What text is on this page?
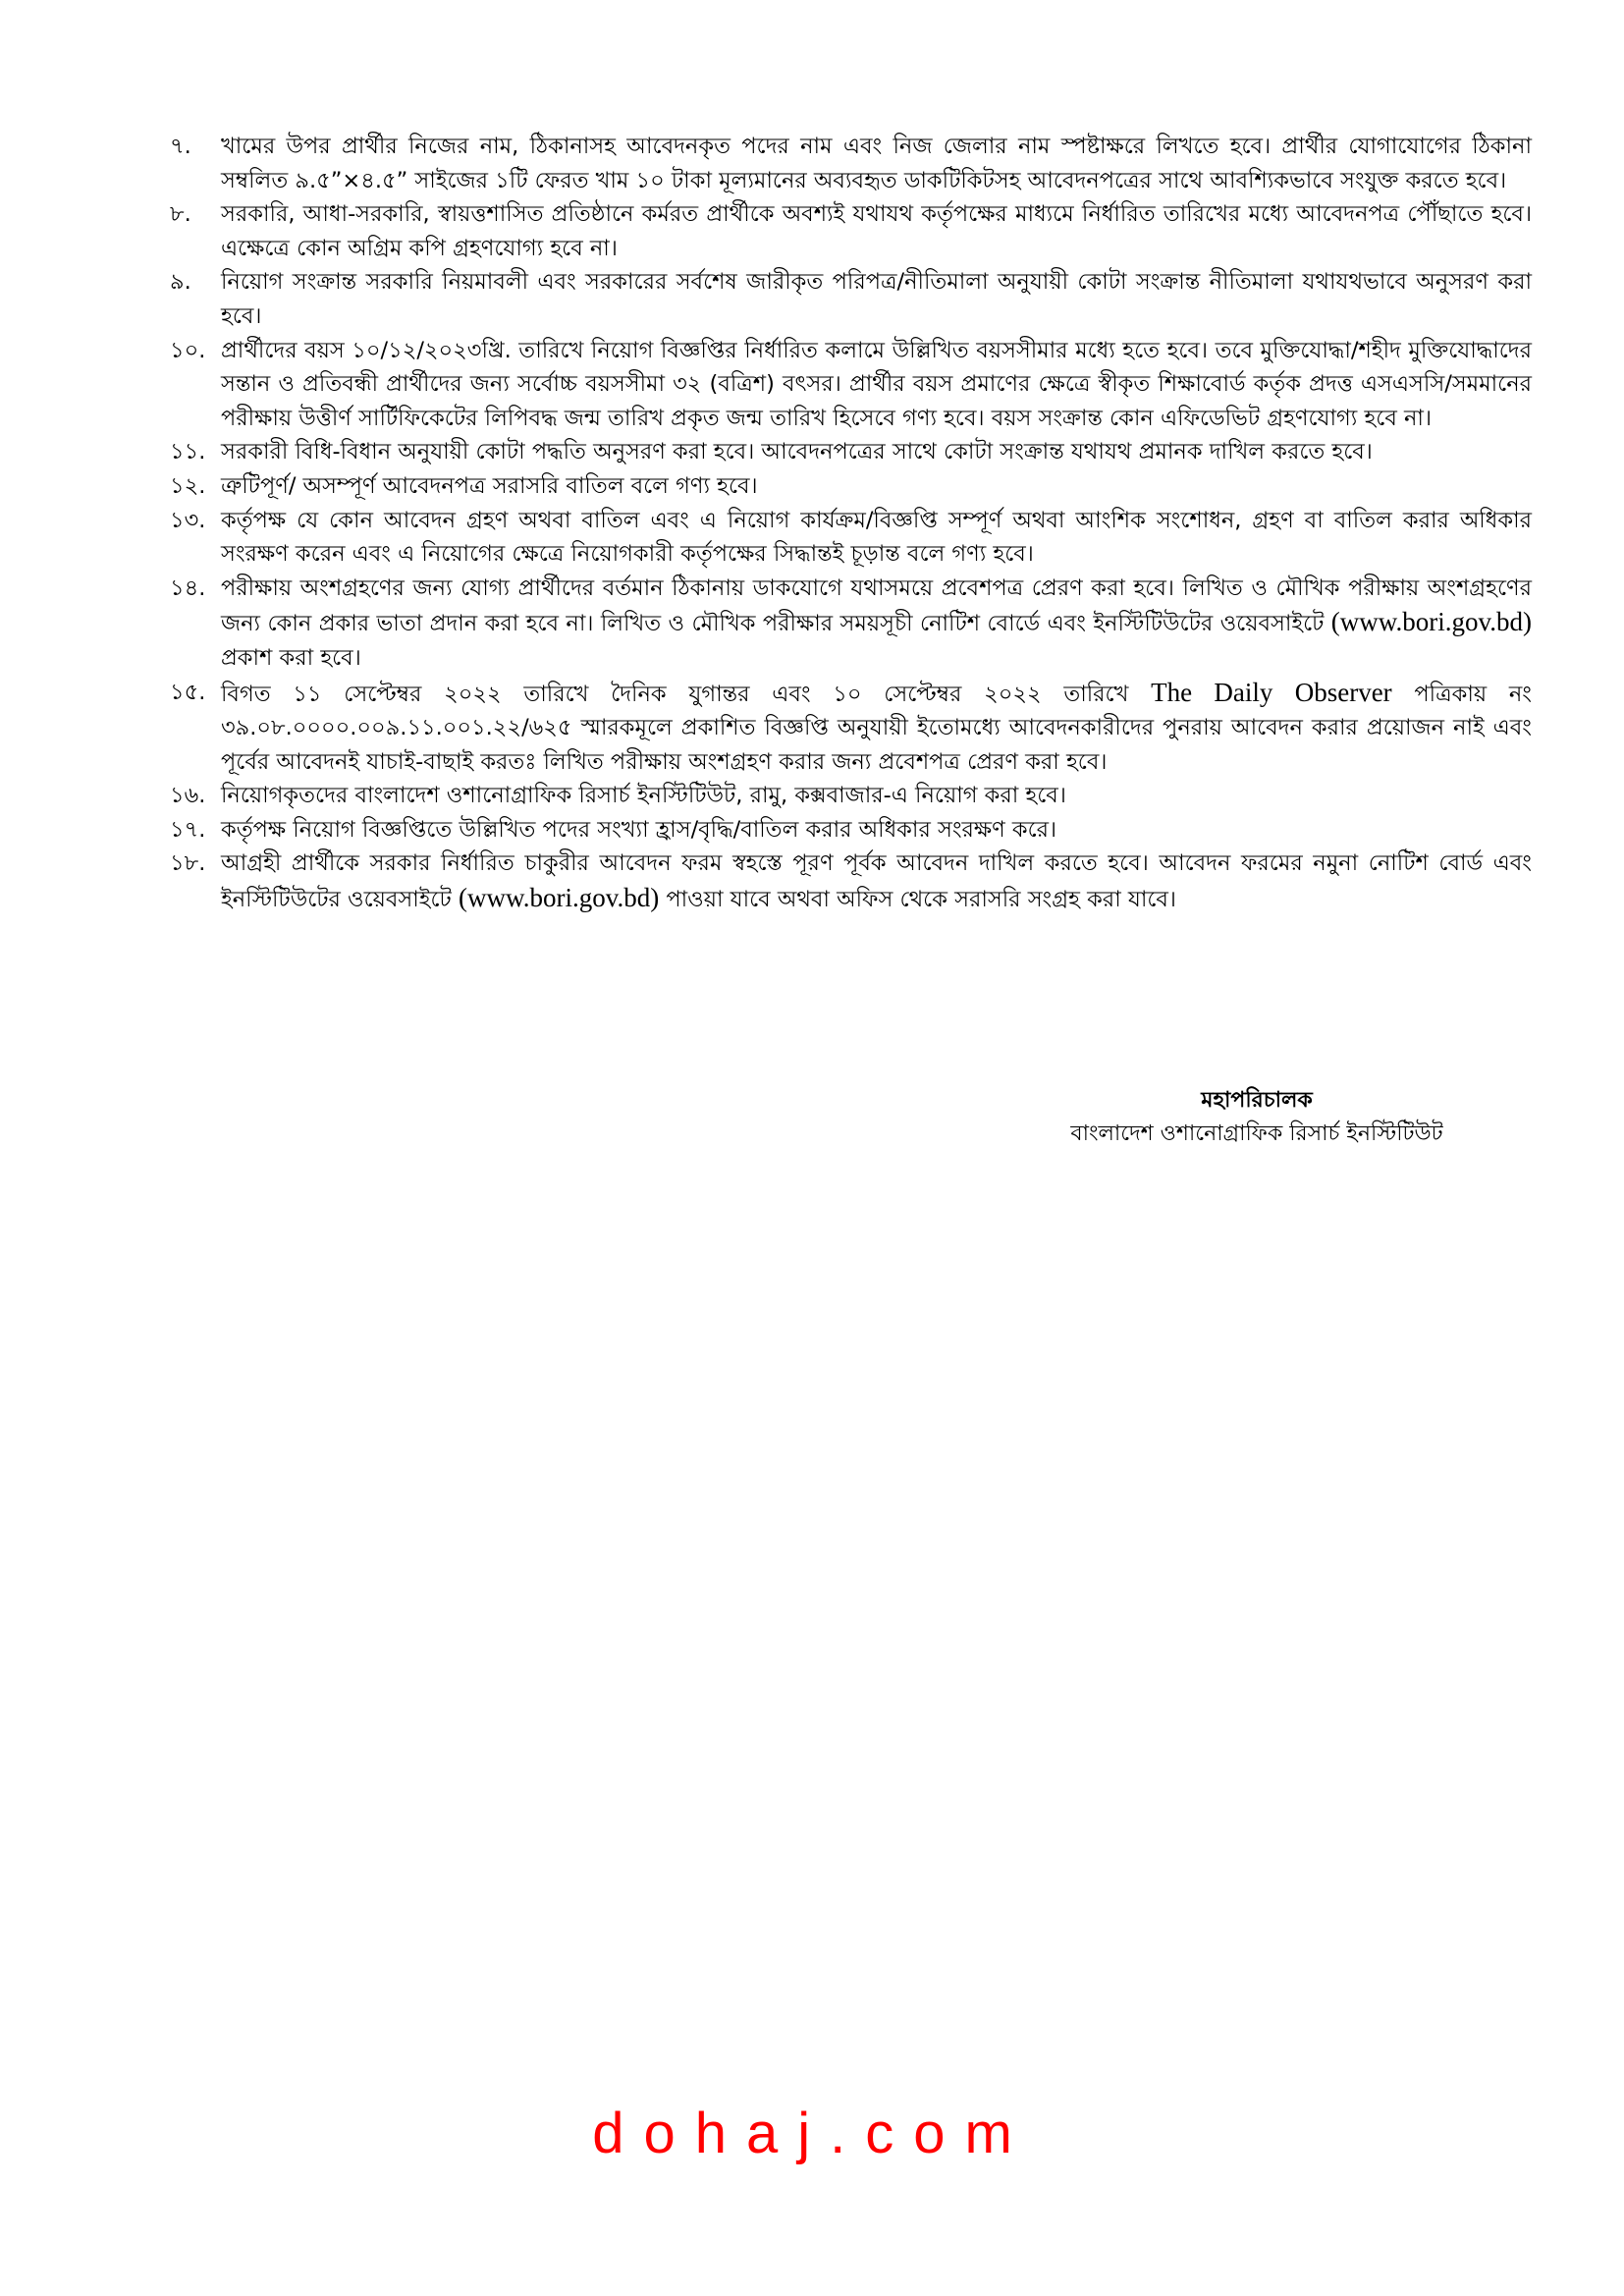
৭.	খামের উপর প্রার্থীর নিজের নাম, ঠিকানাসহ আবেদনকৃত পদের নাম এবং নিজ জেলার নাম স্পষ্টাক্ষরে লিখতে হবে। প্রার্থীর যোগাযোগের ঠিকানা সম্বলিত ৯.৫”×৪.৫” সাইজের ১টি ফেরত খাম ১০ টাকা মূল্যমানের অব্যবহৃত ডাকটিকিটসহ আবেদনপত্রের সাথে আবশ্যিকভাবে সংযুক্ত করতে হবে।
৮.	সরকারি, আধা-সরকারি, স্বায়ত্তশাসিত প্রতিষ্ঠানে কর্মরত প্রার্থীকে অবশ্যই যথাযথ কর্তৃপক্ষের মাধ্যমে নির্ধারিত তারিখের মধ্যে আবেদনপত্র পৌঁছাতে হবে। এক্ষেত্রে কোন অগ্রিম কপি গ্রহণযোগ্য হবে না।
৯.	নিয়োগ সংক্রান্ত সরকারি নিয়মাবলী এবং সরকারের সর্বশেষ জারীকৃত পরিপত্র/নীতিমালা অনুযায়ী কোটা সংক্রান্ত নীতিমালা যথাযথভাবে অনুসরণ করা হবে।
১০. প্রার্থীদের বয়স ১০/১২/২০২৩খ্রি. তারিখে নিয়োগ বিজ্ঞপ্তির নির্ধারিত কলামে উল্লিখিত বয়সসীমার মধ্যে হতে হবে। তবে মুক্তিযোদ্ধা/শহীদ মুক্তিযোদ্ধাদের সন্তান ও প্রতিবন্ধী প্রার্থীদের জন্য সর্বোচ্চ বয়সসীমা ৩২ (বত্রিশ) বৎসর। প্রার্থীর বয়স প্রমাণের ক্ষেত্রে স্বীকৃত শিক্ষাবোর্ড কর্তৃক প্রদত্ত এসএসসি/সমমানের পরীক্ষায় উত্তীর্ণ সার্টিফিকেটের লিপিবদ্ধ জন্ম তারিখ প্রকৃত জন্ম তারিখ হিসেবে গণ্য হবে। বয়স সংক্রান্ত কোন এফিডেভিট গ্রহণযোগ্য হবে না।
১১. সরকারী বিধি-বিধান অনুযায়ী কোটা পদ্ধতি অনুসরণ করা হবে। আবেদনপত্রের সাথে কোটা সংক্রান্ত যথাযথ প্রমানক দাখিল করতে হবে।
১২. ত্রুটিপূর্ণ/ অসম্পূর্ণ আবেদনপত্র সরাসরি বাতিল বলে গণ্য হবে।
১৩. কর্তৃপক্ষ যে কোন আবেদন গ্রহণ অথবা বাতিল এবং এ নিয়োগ কার্যক্রম/বিজ্ঞপ্তি সম্পূর্ণ অথবা আংশিক সংশোধন, গ্রহণ বা বাতিল করার অধিকার সংরক্ষণ করেন এবং এ নিয়োগের ক্ষেত্রে নিয়োগকারী কর্তৃপক্ষের সিদ্ধান্তই চূড়ান্ত বলে গণ্য হবে।
১৪. পরীক্ষায় অংশগ্রহণের জন্য যোগ্য প্রার্থীদের বর্তমান ঠিকানায় ডাকযোগে যথাসময়ে প্রবেশপত্র প্রেরণ করা হবে। লিখিত ও মৌখিক পরীক্ষায় অংশগ্রহণের জন্য কোন প্রকার ভাতা প্রদান করা হবে না। লিখিত ও মৌখিক পরীক্ষার সময়সূচী নোটিশ বোর্ডে এবং ইনস্টিটিউটের ওয়েবসাইটে (www.bori.gov.bd) প্রকাশ করা হবে।
১৫. বিগত ১১ সেপ্টেম্বর ২০২২ তারিখে দৈনিক যুগান্তর এবং ১০ সেপ্টেম্বর ২০২২ তারিখে The Daily Observer পত্রিকায় নং ৩৯.০৮.০০০০.০০৯.১১.০০১.২২/৬২৫ স্মারকমূলে প্রকাশিত বিজ্ঞপ্তি অনুযায়ী ইতোমধ্যে আবেদনকারীদের পুনরায় আবেদন করার প্রয়োজন নাই এবং পূর্বের আবেদনই যাচাই-বাছাই করতঃ লিখিত পরীক্ষায় অংশগ্রহণ করার জন্য প্রবেশপত্র প্রেরণ করা হবে।
১৬. নিয়োগকৃতদের বাংলাদেশ ওশানোগ্রাফিক রিসার্চ ইনস্টিটিউট, রামু, কক্সবাজার-এ নিয়োগ করা হবে।
১৭. কর্তৃপক্ষ নিয়োগ বিজ্ঞপ্তিতে উল্লিখিত পদের সংখ্যা হ্রাস/বৃদ্ধি/বাতিল করার অধিকার সংরক্ষণ করে।
১৮. আগ্রহী প্রার্থীকে সরকার নির্ধারিত চাকুরীর আবেদন ফরম স্বহস্তে পূরণ পূর্বক আবেদন দাখিল করতে হবে। আবেদন ফরমের নমুনা নোটিশ বোর্ড এবং ইনস্টিটিউটের ওয়েবসাইটে (www.bori.gov.bd) পাওয়া যাবে অথবা অফিস থেকে সরাসরি সংগ্রহ করা যাবে।
মহাপরিচালক
বাংলাদেশ ওশানোগ্রাফিক রিসার্চ ইনস্টিটিউট
dohaj.com
